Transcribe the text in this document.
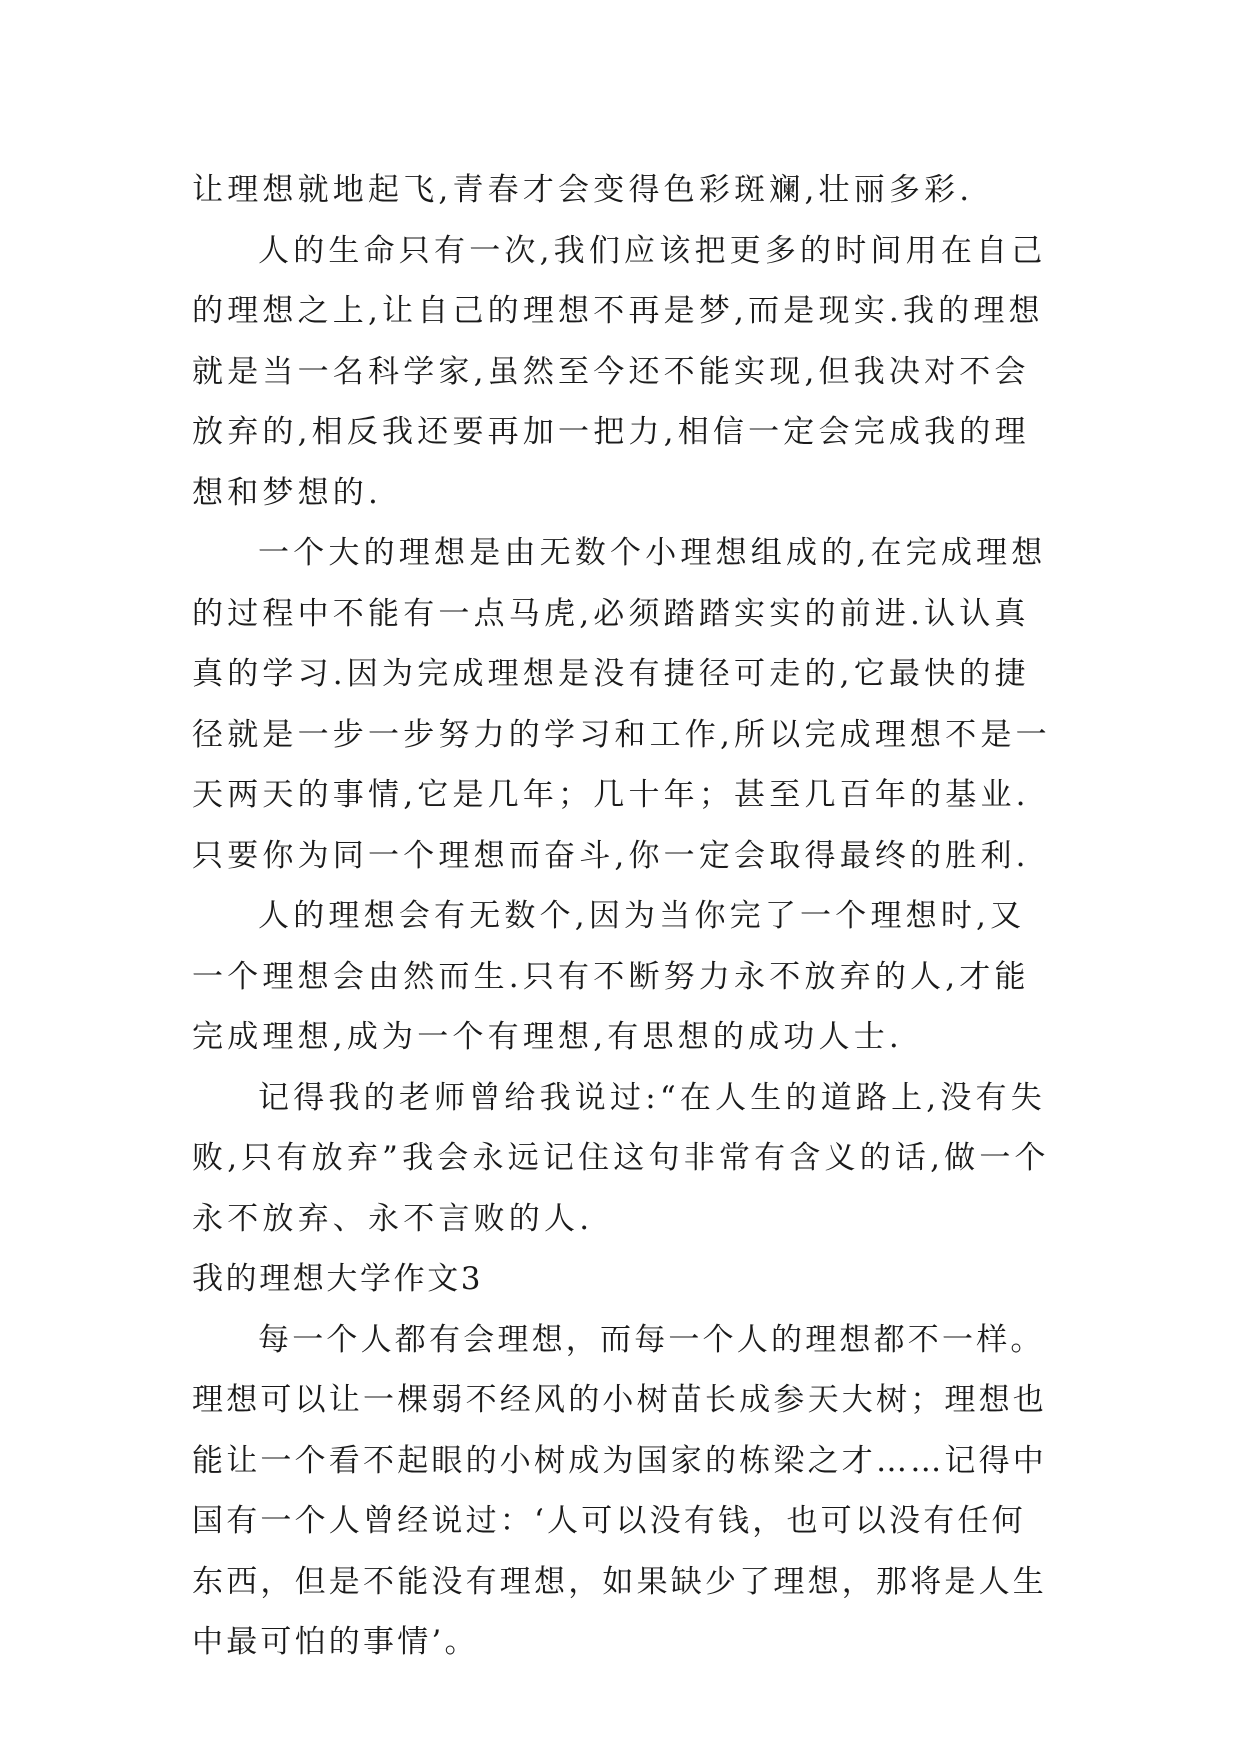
让理想就地起飞,青春才会变得色彩斑斓,壮丽多彩.

人的生命只有一次,我们应该把更多的时间用在自己的理想之上,让自己的理想不再是梦,而是现实.我的理想就是当一名科学家,虽然至今还不能实现,但我决对不会放弃的,相反我还要再加一把力,相信一定会完成我的理想和梦想的.

一个大的理想是由无数个小理想组成的,在完成理想的过程中不能有一点马虎,必须踏踏实实的前进.认认真真的学习.因为完成理想是没有捷径可走的,它最快的捷径就是一步一步努力的学习和工作,所以完成理想不是一天两天的事情,它是几年；几十年；甚至几百年的基业.只要你为同一个理想而奋斗,你一定会取得最终的胜利.

人的理想会有无数个,因为当你完了一个理想时,又一个理想会由然而生.只有不断努力永不放弃的人,才能完成理想,成为一个有理想,有思想的成功人士.

记得我的老师曾给我说过:“在人生的道路上,没有失败,只有放弃”我会永远记住这句非常有含义的话,做一个永不放弃、永不言败的人.

我的理想大学作文3

每一个人都有会理想，而每一个人的理想都不一样。理想可以让一棵弱不经风的小树苗长成参天大树；理想也能让一个看不起眼的小树成为国家的栋梁之才……记得中国有一个人曾经说过：‘人可以没有钱，也可以没有任何东西，但是不能没有理想，如果缺少了理想，那将是人生中最可怕的事情’。
